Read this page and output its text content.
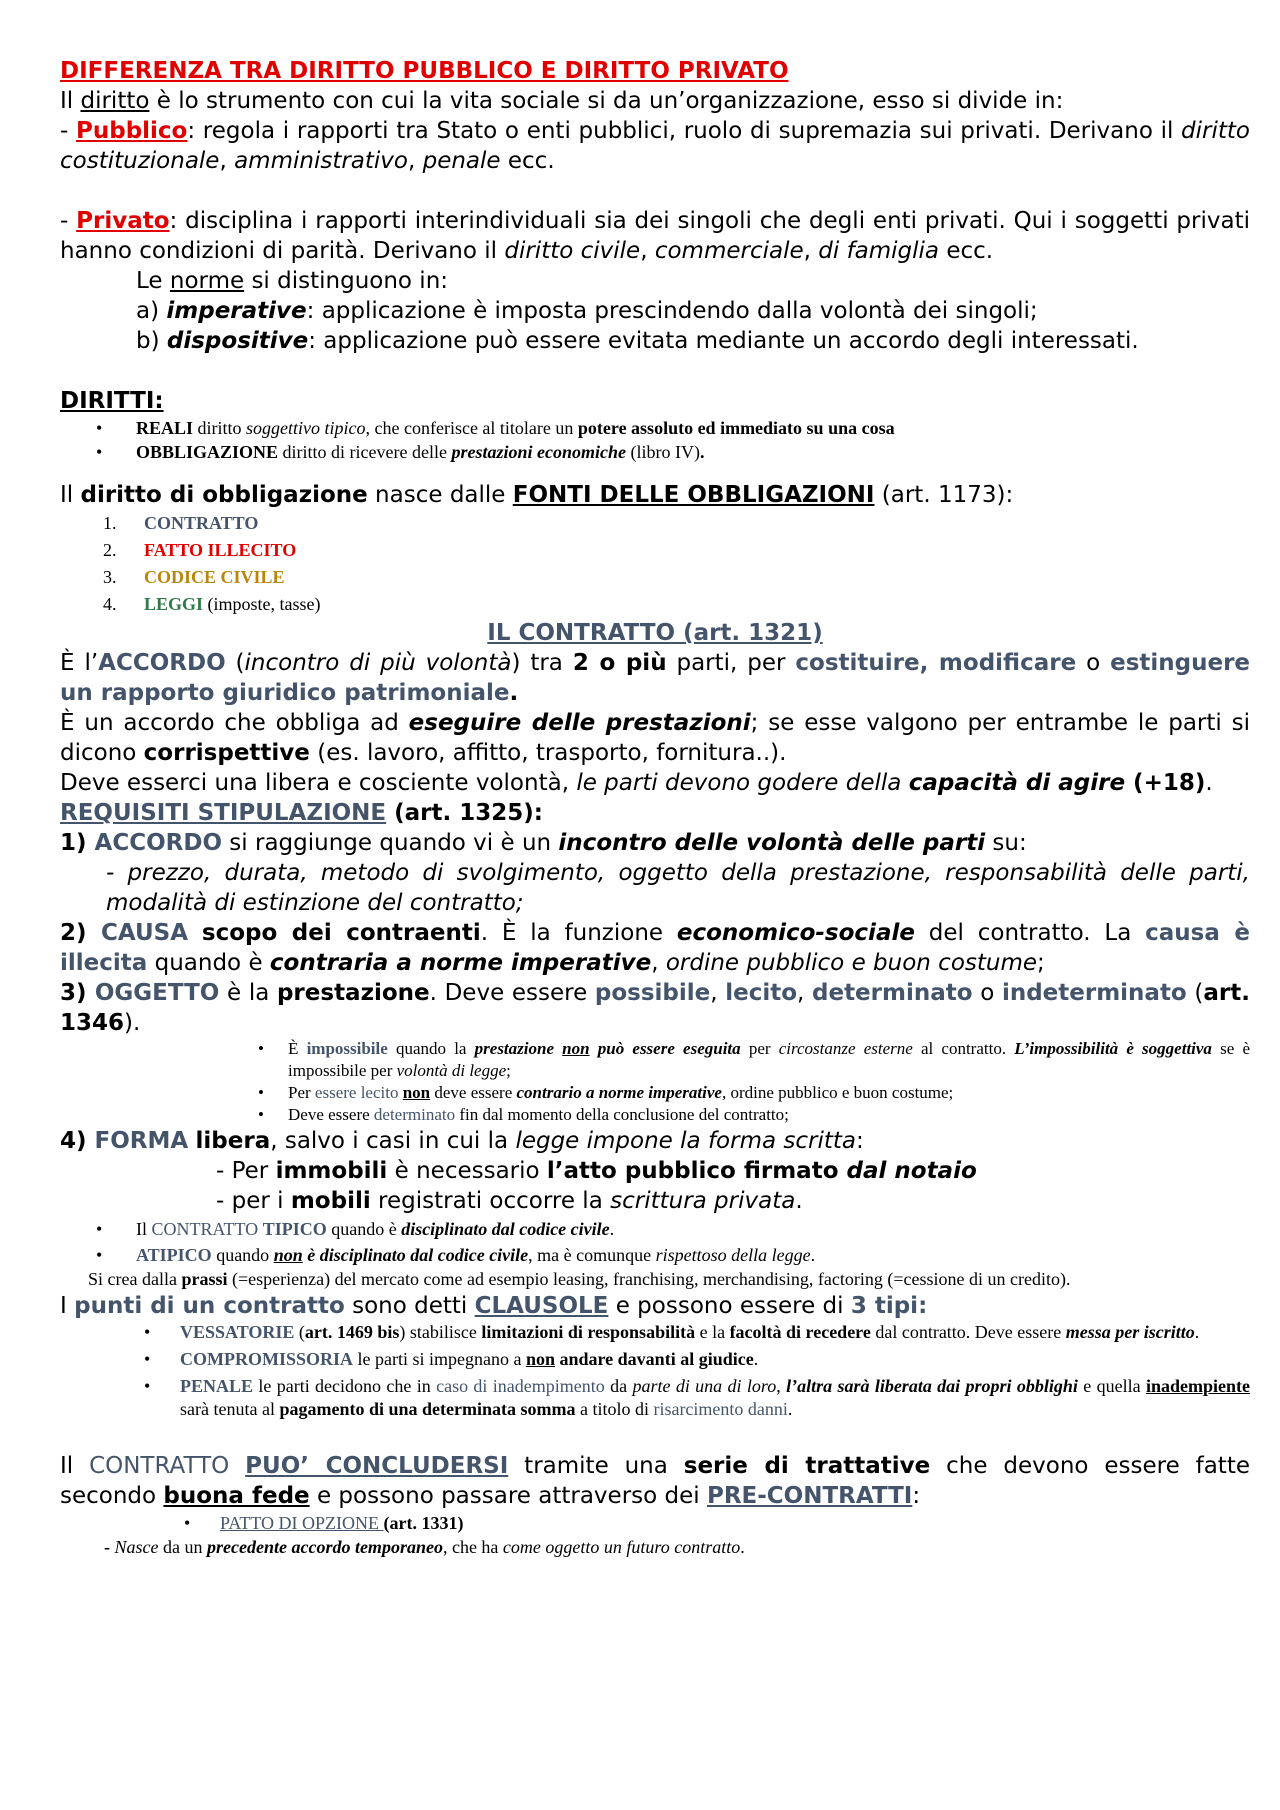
DIFFERENZA TRA DIRITTO PUBBLICO E DIRITTO PRIVATO

Il diritto è lo strumento con cui la vita sociale si da un’organizzazione, esso si divide in:

- Pubblico: regola i rapporti tra Stato o enti pubblici, ruolo di supremazia sui privati. Derivano il diritto costituzionale, amministrativo, penale ecc.

- Privato: disciplina i rapporti interindividuali sia dei singoli che degli enti privati. Qui i soggetti privati hanno condizioni di parità. Derivano il diritto civile, commerciale, di famiglia ecc.

Le norme si distinguono in:

a) imperative: applicazione è imposta prescindendo dalla volontà dei singoli;

b) dispositive: applicazione può essere evitata mediante un accordo degli interessati.

DIRITTI:

• REALI diritto soggettivo tipico, che conferisce al titolare un potere assoluto ed immediato su una cosa
• OBBLIGAZIONE diritto di ricevere delle prestazioni economiche (libro IV).

Il diritto di obbligazione nasce dalle FONTI DELLE OBBLIGAZIONI (art. 1173):

1. CONTRATTO
2. FATTO ILLECITO
3. CODICE CIVILE
4. LEGGI (imposte, tasse)

IL CONTRATTO (art. 1321)

È l’ACCORDO (incontro di più volontà) tra 2 o più parti, per costituire, modificare o estinguere un rapporto giuridico patrimoniale.

È un accordo che obbliga ad eseguire delle prestazioni; se esse valgono per entrambe le parti si dicono corrispettive (es. lavoro, affitto, trasporto, fornitura..).

Deve esserci una libera e cosciente volontà, le parti devono godere della capacità di agire (+18).

REQUISITI STIPULAZIONE (art. 1325):

1) ACCORDO si raggiunge quando vi è un incontro delle volontà delle parti su:

- prezzo, durata, metodo di svolgimento, oggetto della prestazione, responsabilità delle parti, modalità di estinzione del contratto;

2) CAUSA scopo dei contraenti. È la funzione economico-sociale del contratto. La causa è illecita quando è contraria a norme imperative, ordine pubblico e buon costume;

3) OGGETTO è la prestazione. Deve essere possibile, lecito, determinato o indeterminato (art. 1346).

• È impossibile quando la prestazione non può essere eseguita per circostanze esterne al contratto. L’impossibilità è soggettiva se è impossibile per volontà di legge;
• Per essere lecito non deve essere contrario a norme imperative, ordine pubblico e buon costume;
• Deve essere determinato fin dal momento della conclusione del contratto;

4) FORMA libera, salvo i casi in cui la legge impone la forma scritta:

- Per immobili è necessario l’atto pubblico firmato dal notaio

- per i mobili registrati occorre la scrittura privata.

• Il CONTRATTO TIPICO quando è disciplinato dal codice civile.
• ATIPICO quando non è disciplinato dal codice civile, ma è comunque rispettoso della legge.

Si crea dalla prassi (=esperienza) del mercato come ad esempio leasing, franchising, merchandising, factoring (=cessione di un credito).

I punti di un contratto sono detti CLAUSOLE e possono essere di 3 tipi:

• VESSATORIE (art. 1469 bis) stabilisce limitazioni di responsabilità e la facoltà di recedere dal contratto. Deve essere messa per iscritto.
• COMPROMISSORIA le parti si impegnano a non andare davanti al giudice.
• PENALE le parti decidono che in caso di inadempimento da parte di una di loro, l’altra sarà liberata dai propri obblighi e quella inadempiente sarà tenuta al pagamento di una determinata somma a titolo di risarcimento danni.

Il CONTRATTO PUO’ CONCLUDERSI tramite una serie di trattative che devono essere fatte secondo buona fede e possono passare attraverso dei PRE-CONTRATTI:

• PATTO DI OPZIONE (art. 1331)

- Nasce da un precedente accordo temporaneo, che ha come oggetto un futuro contratto.
